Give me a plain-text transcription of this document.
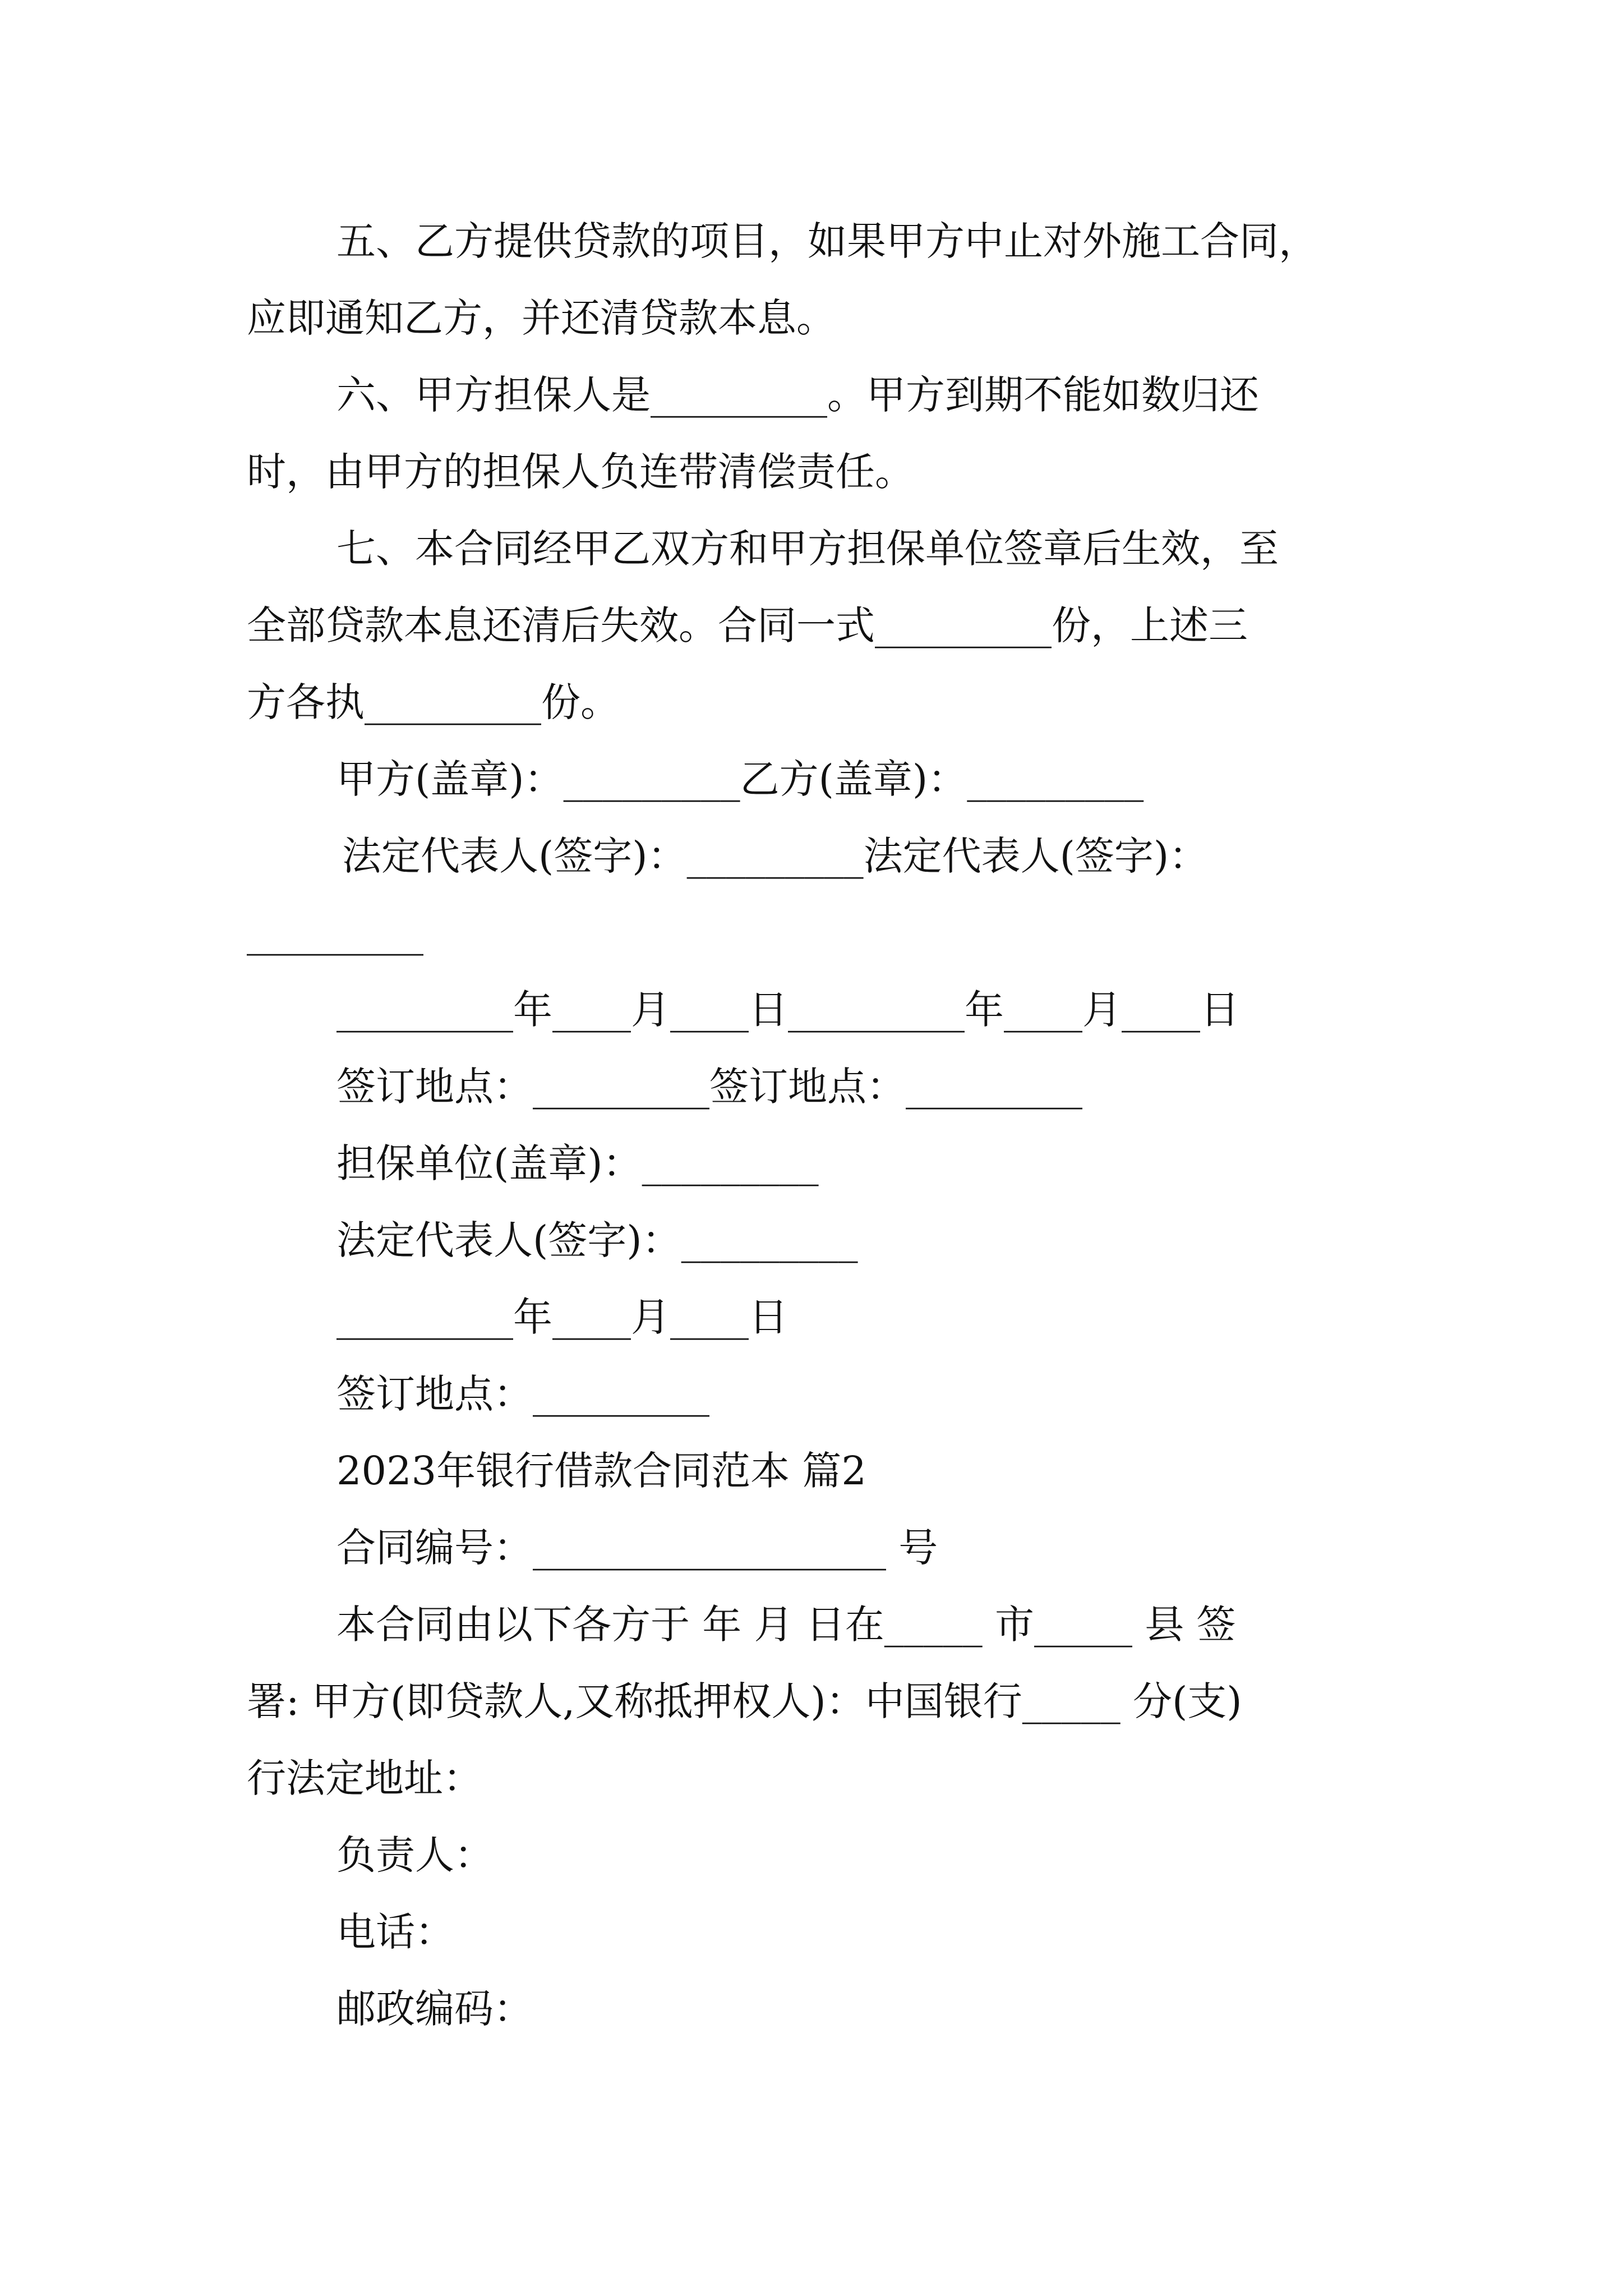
五、乙方提供贷款的项目，如果甲方中止对外施工合同，
应即通知乙方，并还清贷款本息。
六、甲方担保人是_________。甲方到期不能如数归还
时，由甲方的担保人负连带清偿责任。
七、本合同经甲乙双方和甲方担保单位签章后生效，至
全部贷款本息还清后失效。合同一式_________份，上述三
方各执_________份。
甲方(盖章)：_________乙方(盖章)：_________
法定代表人(签字)：_________法定代表人(签字)：
_________
_________年____月____日_________年____月____日
签订地点：_________签订地点：_________
担保单位(盖章)：_________
法定代表人(签字)：_________
_________年____月____日
签订地点：_________
2023年银行借款合同范本 篇2
合同编号：__________________ 号
本合同由以下各方于 年 月 日在_____ 市_____ 县 签
署: 甲方(即贷款人,又称抵押权人)：中国银行_____ 分(支)
行法定地址：
负责人：
电话：
邮政编码：
